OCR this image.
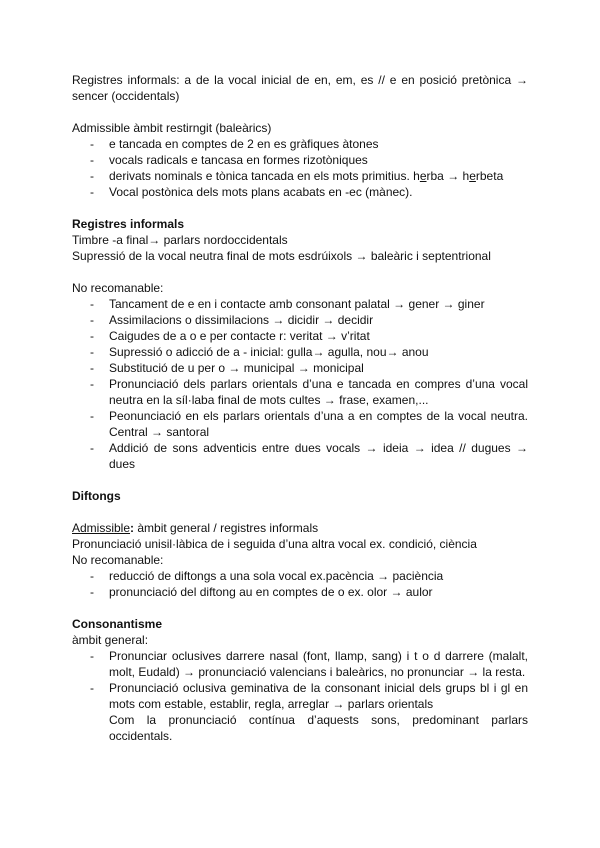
Registres informals: a de la vocal inicial de en, em, es // e en posició pretònica → sencer (occidentals)

Admissible àmbit restirngit (baleàrics)

- e tancada en comptes de 2 en es gràfiques àtones
- vocals radicals e tancasa en formes rizotòniques
- derivats nominals e tònica tancada en els mots primitius. herba → herbeta
- Vocal postònica dels mots plans acabats en -ec (mànec).
Registres informals

Timbre -a final→ parlars nordoccidentals

Supressió de la vocal neutra final de mots esdrúixols → baleàric i septentrional

No recomanable:

- Tancament de e en i contacte amb consonant palatal → gener → giner
- Assimilacions o dissimilacions → dicidir → decidir
- Caigudes de a o e per contacte r: veritat → v’ritat
- Supressió o adicció de a - inicial: gulla→ agulla, nou→ anou
- Substitució de u per o → municipal → monicipal
- Pronunciació dels parlars orientals d’una e tancada en compres d’una vocal neutra en la síl·laba final de mots cultes → frase, examen,...
- Peonunciació en els parlars orientals d’una a en comptes de la vocal neutra. Central → santoral
- Addició de sons adventicis entre dues vocals → ideia → idea // dugues → dues
Diftongs

Admissible: àmbit general / registres informals

Pronunciació unisil·làbica de i seguida d’una altra vocal ex. condició, ciència

No recomanable:

- reducció de diftongs a una sola vocal ex.pacència → paciència
- pronunciació del diftong au en comptes de o ex. olor → aulor
Consonantisme

àmbit general:

- Pronunciar oclusives darrere nasal (font, llamp, sang) i t o d darrere (malalt, molt, Eudald) → pronunciació valencians i baleàrics, no pronunciar → la resta.
- Pronunciació oclusiva geminativa de la consonant inicial dels grups bl i gl en mots com estable, establir, regla, arreglar → parlars orientals
Com la pronunciació contínua d’aquests sons, predominant parlars occidentals.
